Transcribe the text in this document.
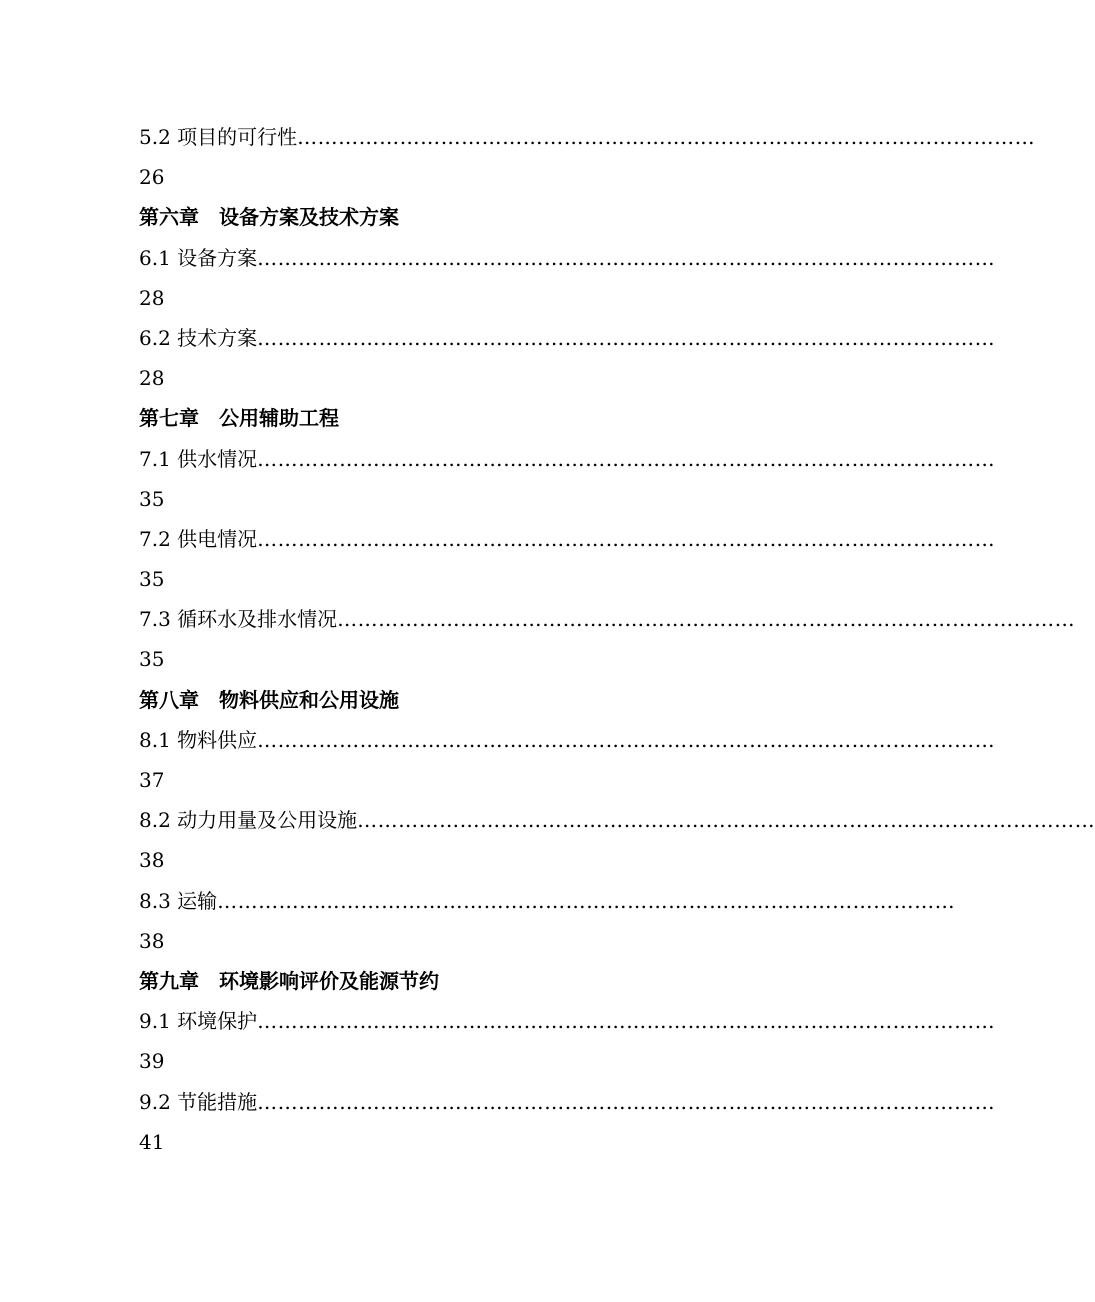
5.2 项目的可行性………………………………………………………………………………………………
26
第六章 设备方案及技术方案
6.1 设备方案………………………………………………………………………………………………
28
6.2 技术方案………………………………………………………………………………………………
28
第七章 公用辅助工程
7.1 供水情况………………………………………………………………………………………………
35
7.2 供电情况………………………………………………………………………………………………
35
7.3 循环水及排水情况………………………………………………………………………………………………
35
第八章 物料供应和公用设施
8.1 物料供应………………………………………………………………………………………………
37
8.2 动力用量及公用设施………………………………………………………………………………………………
38
8.3 运输………………………………………………………………………………………………
38
第九章 环境影响评价及能源节约
9.1 环境保护………………………………………………………………………………………………
39
9.2 节能措施………………………………………………………………………………………………
41
